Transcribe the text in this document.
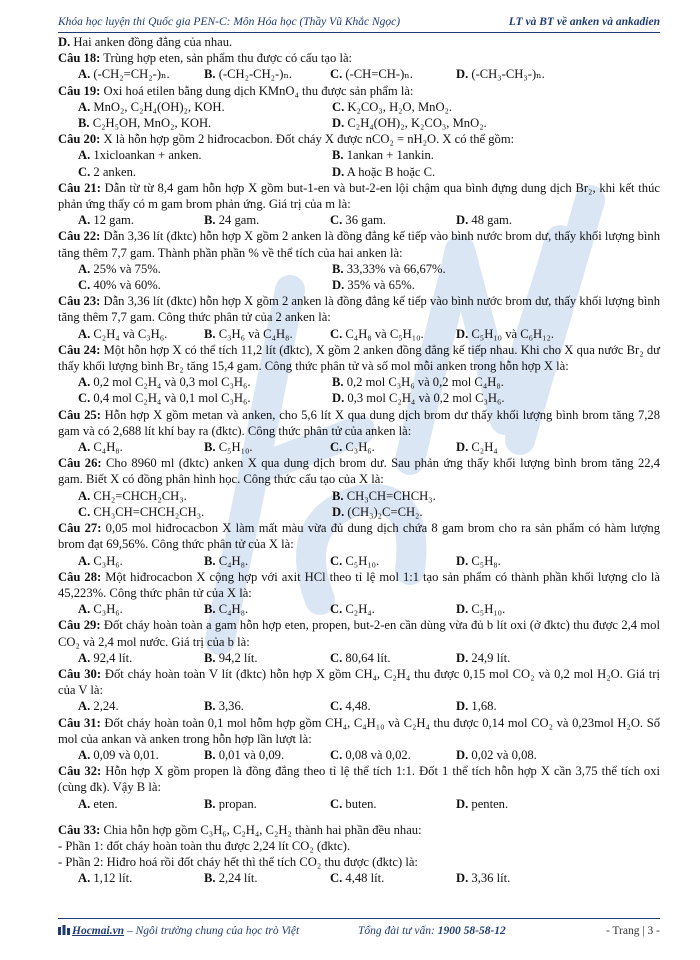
Khóa học luyện thi Quốc gia PEN-C: Môn Hóa học (Thầy Vũ Khắc Ngọc)	LT và BT về anken và ankadien

D. Hai anken đồng đẳng của nhau.

Câu 18: Trùng hợp eten, sản phẩm thu được có cấu tạo là:

A. (-CH₂=CH₂-)ₙ.	B. (-CH₂-CH₂-)ₙ.	C. (-CH=CH-)ₙ.	D. (-CH₃-CH₃-)ₙ.

Câu 19: Oxi hoá etilen bằng dung dịch KMnO₄ thu được sản phẩm là:

A. MnO₂, C₂H₄(OH)₂, KOH.	C. K₂CO₃, H₂O, MnO₂.
B. C₂H₅OH, MnO₂, KOH.	D. C₂H₄(OH)₂, K₂CO₃, MnO₂.

Câu 20: X là hỗn hợp gồm 2 hiđrocacbon. Đốt cháy X được nCO₂ = nH₂O. X có thể gồm:

A. 1xicloankan + anken.	B. 1ankan + 1ankin.
C. 2 anken.	D. A hoặc B hoặc C.

Câu 21: Dẫn từ từ 8,4 gam hỗn hợp X gồm but-1-en và but-2-en lội chậm qua bình đựng dung dịch Br₂, khi kết thúc phản ứng thấy có m gam brom phản ứng. Giá trị của m là:

A. 12 gam.	B. 24 gam.	C. 36 gam.	D. 48 gam.

Câu 22: Dẫn 3,36 lít (đktc) hỗn hợp X gồm 2 anken là đồng đẳng kế tiếp vào bình nước brom dư, thấy khối lượng bình tăng thêm 7,7 gam. Thành phần phần % về thể tích của hai anken là:

A. 25% và 75%.	B. 33,33% và 66,67%.
C. 40% và 60%.	D. 35% và 65%.

Câu 23: Dẫn 3,36 lít (đktc) hỗn hợp X gồm 2 anken là đồng đẳng kế tiếp vào bình nước brom dư, thấy khối lượng bình tăng thêm 7,7 gam. Công thức phân tử của 2 anken là:

A. C₂H₄ và C₃H₆.	B. C₃H₆ và C₄H₈.	C. C₄H₈ và C₅H₁₀.	D. C₅H₁₀ và C₆H₁₂.

Câu 24: Một hỗn hợp X có thể tích 11,2 lít (đktc), X gồm 2 anken đồng đẳng kế tiếp nhau. Khi cho X qua nước Br₂ dư thấy khối lượng bình Br₂ tăng 15,4 gam. Công thức phân tử và số mol mỗi anken trong hỗn hợp X là:

A. 0,2 mol C₂H₄ và 0,3 mol C₃H₆.	B. 0,2 mol C₃H₆ và 0,2 mol C₄H₈.
C. 0,4 mol C₂H₄ và 0,1 mol C₃H₆.	D. 0,3 mol C₂H₄ và 0,2 mol C₃H₆.

Câu 25: Hỗn hợp X gồm metan và anken, cho 5,6 lít X qua dung dịch brom dư thấy khối lượng bình brom tăng 7,28 gam và có 2,688 lít khí bay ra (đktc). Công thức phân tử của anken là:

A. C₄H₈.	B. C₅H₁₀.	C. C₃H₆.	D. C₂H₄

Câu 26: Cho 8960 ml (đktc) anken X qua dung dịch brom dư. Sau phản ứng thấy khối lượng bình brom tăng 22,4 gam. Biết X có đồng phân hình học. Công thức cấu tạo của X là:

A. CH₂=CHCH₂CH₃.	B. CH₃CH=CHCH₃.
C. CH₃CH=CHCH₂CH₃.	D. (CH₃)₂C=CH₂.

Câu 27: 0,05 mol hiđrocacbon X làm mất màu vừa đủ dung dịch chứa 8 gam brom cho ra sản phẩm có hàm lượng brom đạt 69,56%. Công thức phân tử của X là:

A. C₃H₆.	B. C₄H₈.	C. C₅H₁₀.	D. C₅H₈.

Câu 28: Một hiđrocacbon X cộng hợp với axit HCl theo tỉ lệ mol 1:1 tạo sản phẩm có thành phần khối lượng clo là 45,223%. Công thức phân tử của X là:

A. C₃H₆.	B. C₄H₈.	C. C₂H₄.	D. C₅H₁₀.

Câu 29: Đốt cháy hoàn toàn a gam hỗn hợp eten, propen, but-2-en cần dùng vừa đủ b lít oxi (ở đktc) thu được 2,4 mol CO₂ và 2,4 mol nước. Giá trị của b là:

A. 92,4 lít.	B. 94,2 lít.	C. 80,64 lít.	D. 24,9 lít.

Câu 30: Đốt cháy hoàn toàn V lít (đktc) hỗn hợp X gồm CH₄, C₂H₄ thu được 0,15 mol CO₂ và 0,2 mol H₂O. Giá trị của V là:

A. 2,24.	B. 3,36.	C. 4,48.	D. 1,68.

Câu 31: Đốt cháy hoàn toàn 0,1 mol hỗm hợp gồm CH₄, C₄H₁₀ và C₂H₄ thu được 0,14 mol CO₂ và 0,23mol H₂O. Số mol của ankan và anken trong hỗn hợp lần lượt là:

A. 0,09 và 0,01.	B. 0,01 và 0,09.	C. 0,08 và 0,02.	D. 0,02 và 0,08.

Câu 32: Hỗn hợp X gồm propen là đồng đẳng theo tỉ lệ thể tích 1:1. Đốt 1 thể tích hỗn hợp X cần 3,75 thể tích oxi (cùng đk). Vậy B là:

A. eten.	B. propan.	C. buten.	D. penten.

Câu 33: Chia hỗn hợp gồm C₃H₆, C₂H₄, C₂H₂ thành hai phần đều nhau:

- Phần 1: đốt cháy hoàn toàn thu được 2,24 lít CO₂ (đktc).

- Phần 2: Hiđro hoá rồi đốt cháy hết thì thể tích CO₂ thu được (đktc) là:

A. 1,12 lít.	B. 2,24 lít.	C. 4,48 lít.	D. 3,36 lít.
Hocmai.vn – Ngôi trường chung của học trò Việt	Tổng đài tư vấn: 1900 58-58-12	- Trang | 3 -
